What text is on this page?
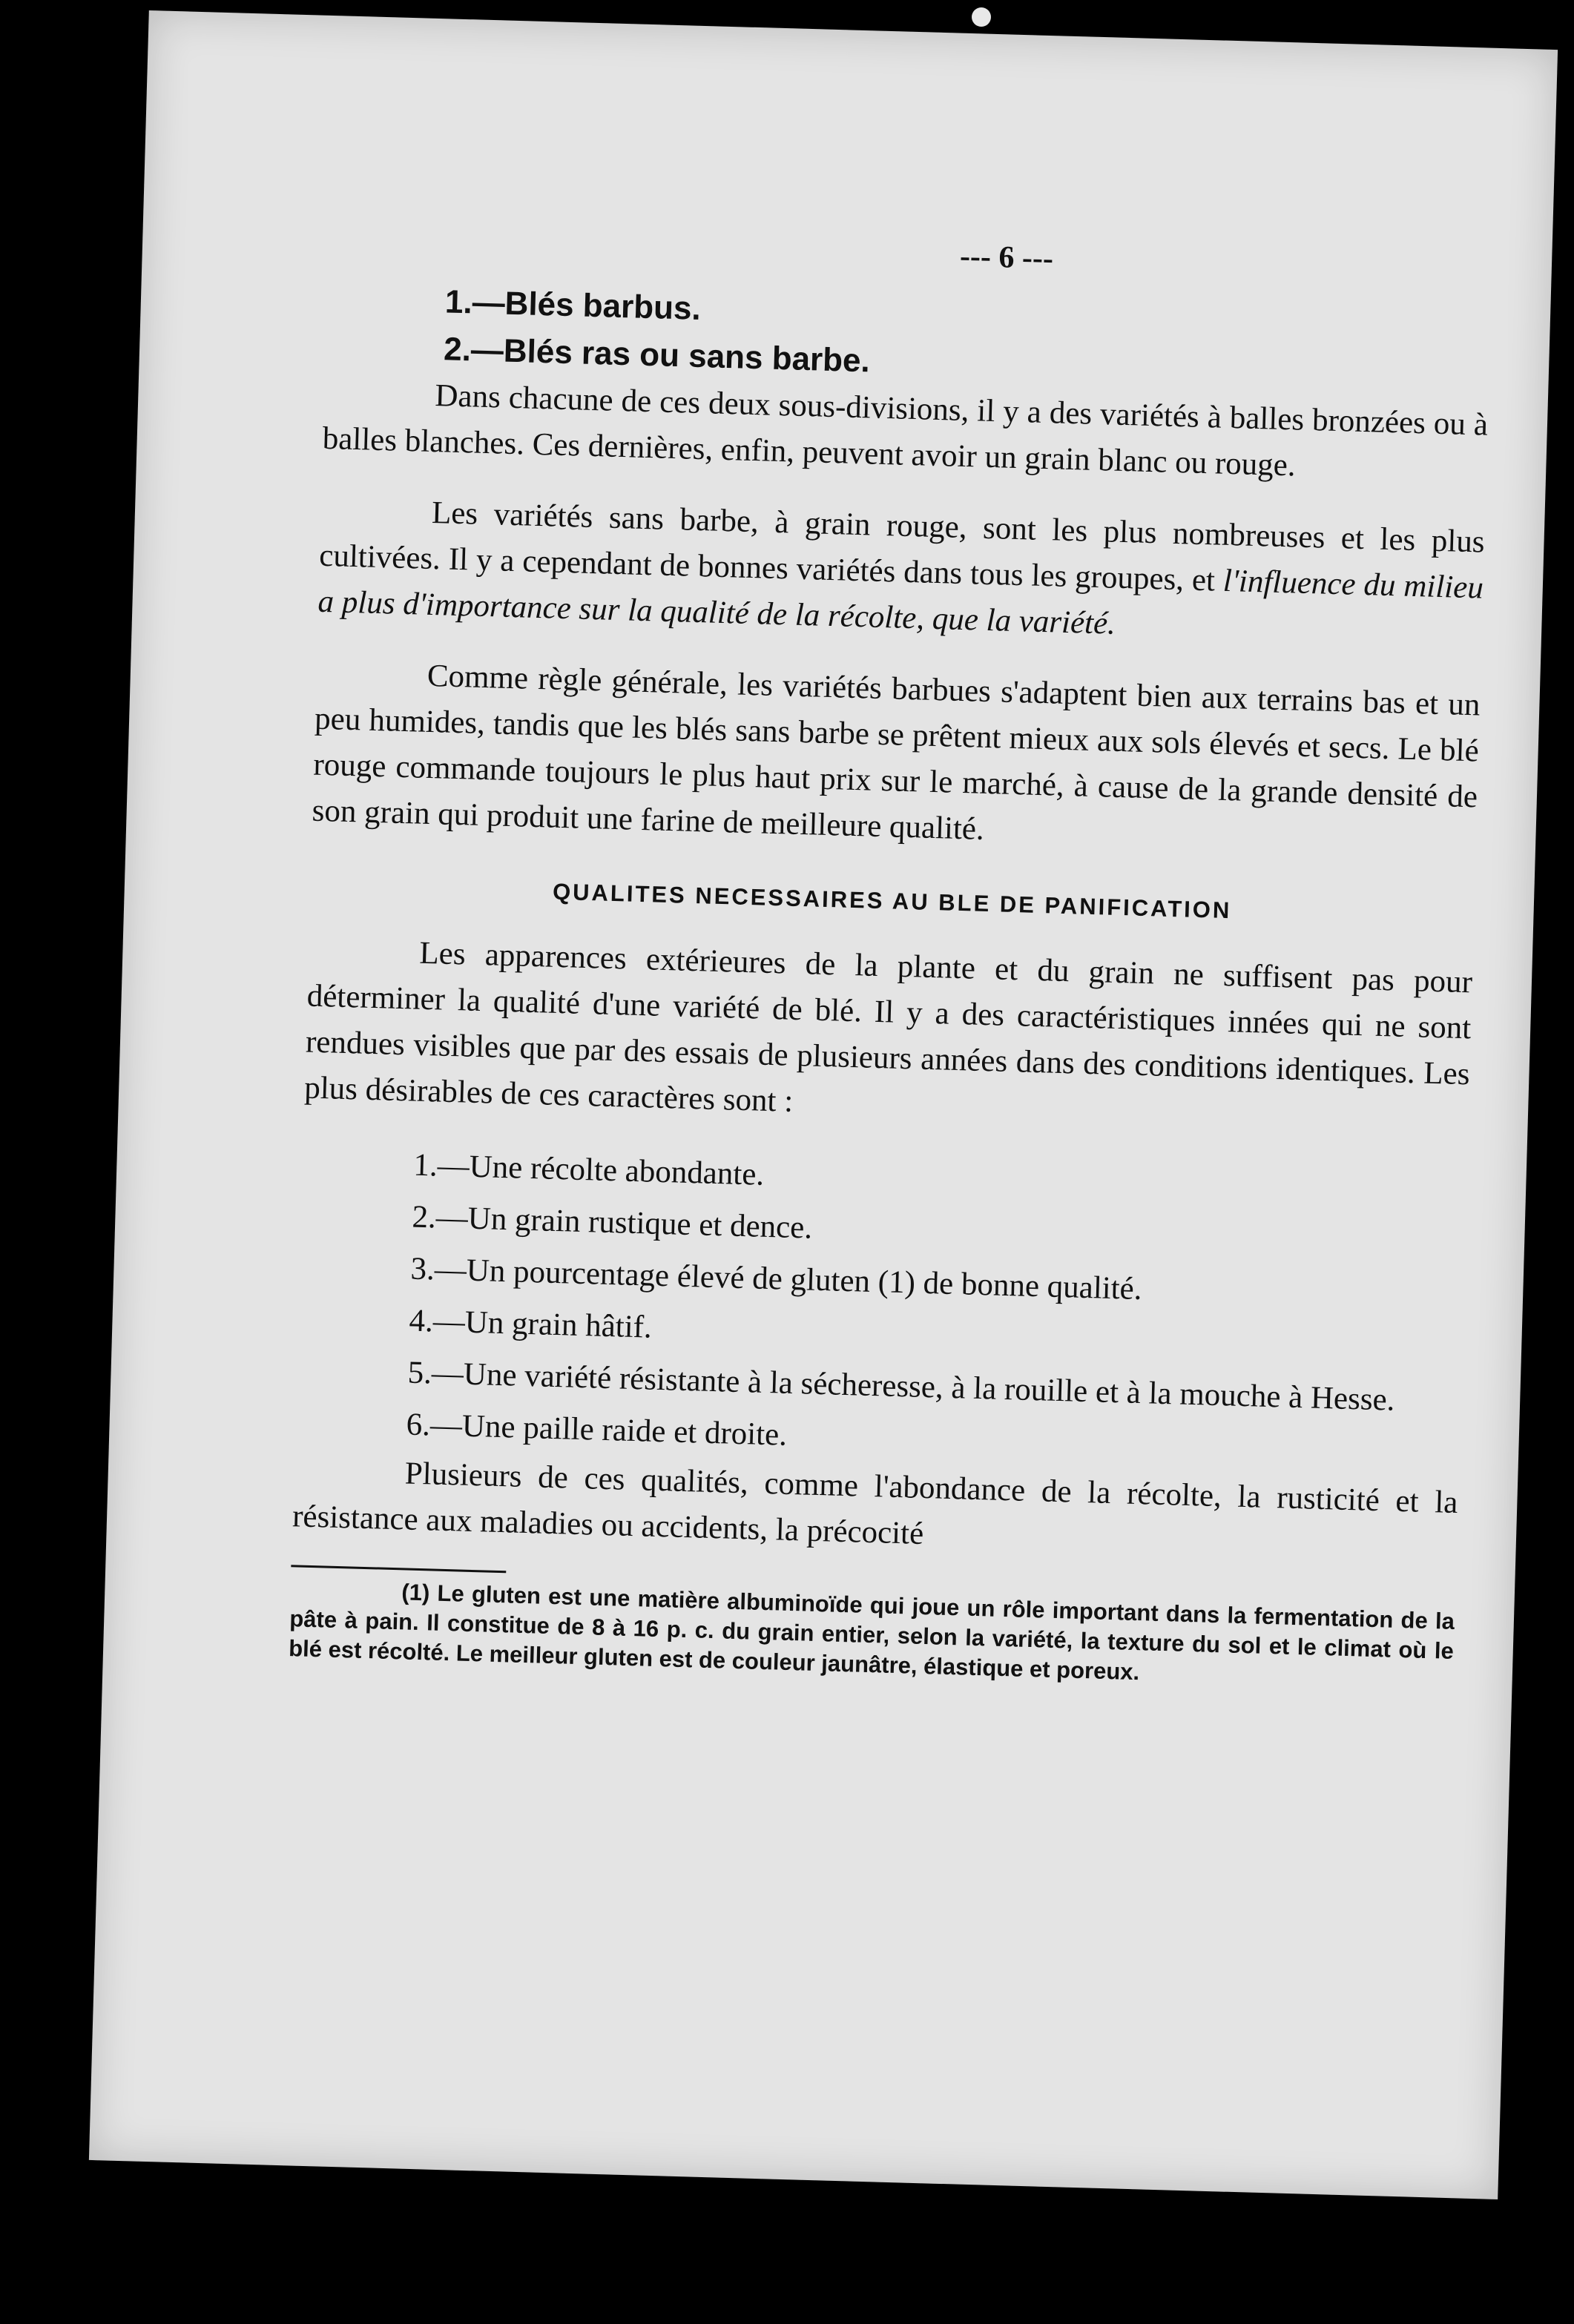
--- 6 ---
1.—Blés barbus.
2.—Blés ras ou sans barbe.

Dans chacune de ces deux sous-divisions, il y a des variétés à balles bronzées ou à balles blanches. Ces dernières, enfin, peuvent avoir un grain blanc ou rouge.

Les variétés sans barbe, à grain rouge, sont les plus nombreuses et les plus cultivées. Il y a cependant de bonnes variétés dans tous les groupes, et l'influence du milieu a plus d'importance sur la qualité de la récolte, que la variété.

Comme règle générale, les variétés barbues s'adaptent bien aux terrains bas et un peu humides, tandis que les blés sans barbe se prêtent mieux aux sols élevés et secs. Le blé rouge commande toujours le plus haut prix sur le marché, à cause de la grande densité de son grain qui produit une farine de meilleure qualité.

QUALITES NECESSAIRES AU BLE DE PANIFICATION

Les apparences extérieures de la plante et du grain ne suffisent pas pour déterminer la qualité d'une variété de blé. Il y a des caractéristiques innées qui ne sont rendues visibles que par des essais de plusieurs années dans des conditions identiques. Les plus désirables de ces caractères sont :

1.—Une récolte abondante.
2.—Un grain rustique et dence.
3.—Un pourcentage élevé de gluten (1) de bonne qualité.
4.—Un grain hâtif.
5.—Une variété résistante à la sécheresse, à la rouille et à la mouche à Hesse.
6.—Une paille raide et droite.

Plusieurs de ces qualités, comme l'abondance de la récolte, la rusticité et la résistance aux maladies ou accidents, la précocité

(1) Le gluten est une matière albuminoïde qui joue un rôle important dans la fermentation de la pâte à pain. Il constitue de 8 à 16 p. c. du grain entier, selon la variété, la texture du sol et le climat où le blé est récolté. Le meilleur gluten est de couleur jaunâtre, élastique et poreux.
